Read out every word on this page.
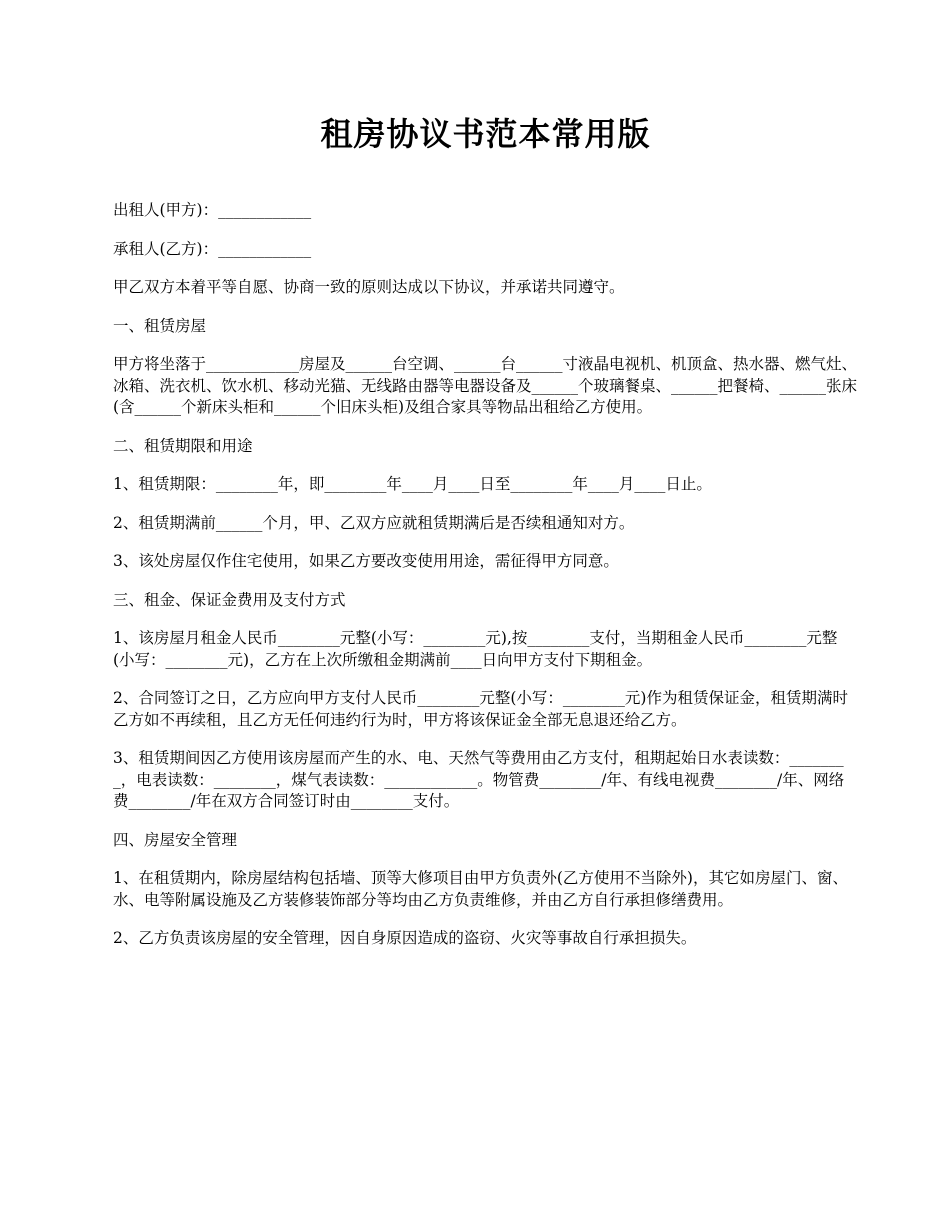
租房协议书范本常用版

出租人(甲方)：____________

承租人(乙方)：____________

甲乙双方本着平等自愿、协商一致的原则达成以下协议，并承诺共同遵守。

一、租赁房屋

甲方将坐落于____________房屋及______台空调、______台______寸液晶电视机、机顶盒、热水器、燃气灶、冰箱、洗衣机、饮水机、移动光猫、无线路由器等电器设备及______个玻璃餐桌、______把餐椅、______张床(含______个新床头柜和______个旧床头柜)及组合家具等物品出租给乙方使用。

二、租赁期限和用途

1、租赁期限：________年，即________年____月____日至________年____月____日止。

2、租赁期满前______个月，甲、乙双方应就租赁期满后是否续租通知对方。

3、该处房屋仅作住宅使用，如果乙方要改变使用用途，需征得甲方同意。

三、租金、保证金费用及支付方式

1、该房屋月租金人民币________元整(小写：________元),按________支付，当期租金人民币________元整(小写：________元)，乙方在上次所缴租金期满前____日向甲方支付下期租金。

2、合同签订之日，乙方应向甲方支付人民币________元整(小写：________元)作为租赁保证金，租赁期满时乙方如不再续租，且乙方无任何违约行为时，甲方将该保证金全部无息退还给乙方。

3、租赁期间因乙方使用该房屋而产生的水、电、天然气等费用由乙方支付，租期起始日水表读数：________，电表读数：________，煤气表读数：____________。物管费________/年、有线电视费________/年、网络费________/年在双方合同签订时由________支付。

四、房屋安全管理

1、在租赁期内，除房屋结构包括墙、顶等大修项目由甲方负责外(乙方使用不当除外)，其它如房屋门、窗、水、电等附属设施及乙方装修装饰部分等均由乙方负责维修，并由乙方自行承担修缮费用。

2、乙方负责该房屋的安全管理，因自身原因造成的盗窃、火灾等事故自行承担损失。
